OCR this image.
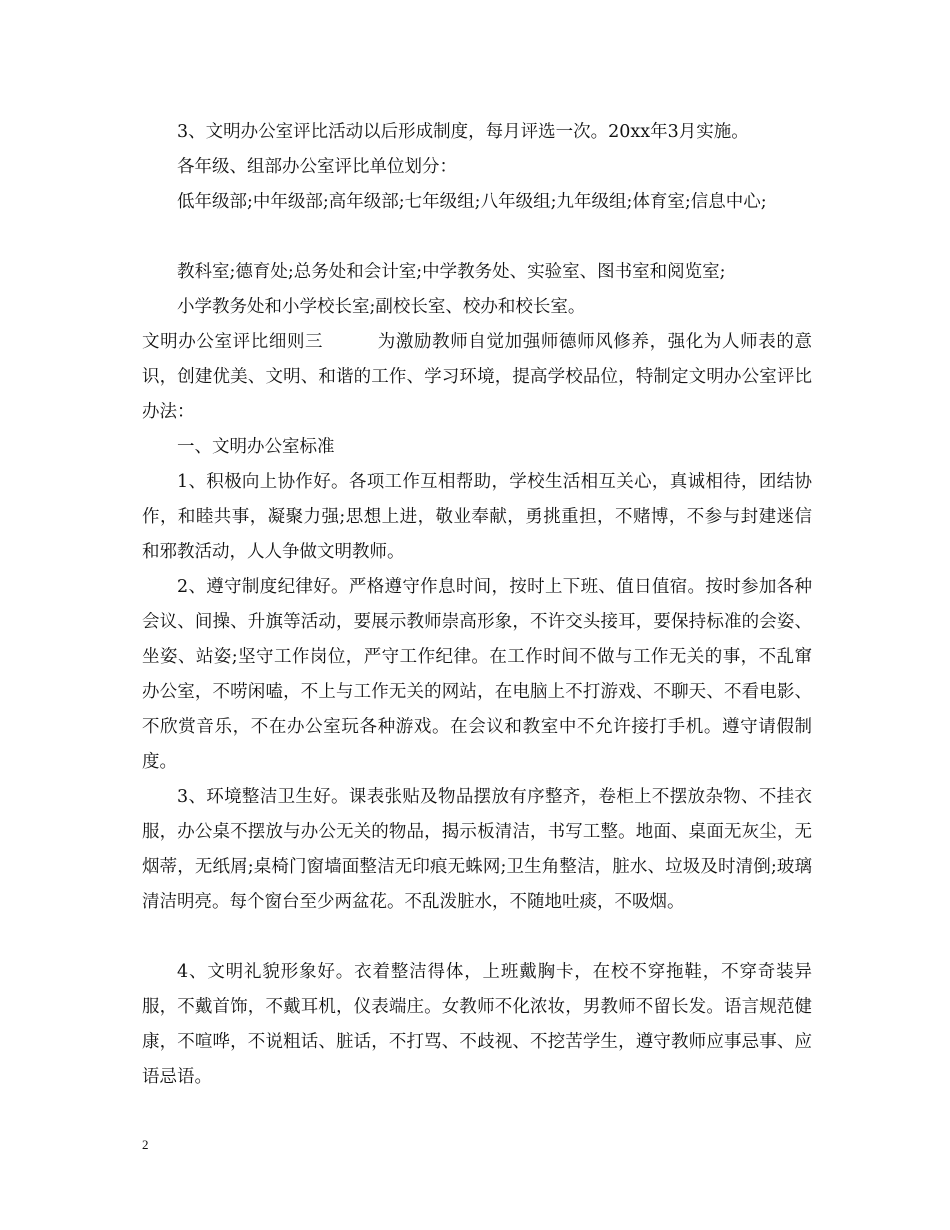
3、文明办公室评比活动以后形成制度，每月评选一次。20xx年3月实施。

各年级、组部办公室评比单位划分：

低年级部;中年级部;高年级部;七年级组;八年级组;九年级组;体育室;信息中心;

教科室;德育处;总务处和会计室;中学教务处、实验室、图书室和阅览室;

小学教务处和小学校长室;副校长室、校办和校长室。

文明办公室评比细则三	为激励教师自觉加强师德师风修养，强化为人师表的意识，创建优美、文明、和谐的工作、学习环境，提高学校品位，特制定文明办公室评比办法：

一、文明办公室标准

1、积极向上协作好。各项工作互相帮助，学校生活相互关心，真诚相待，团结协作，和睦共事，凝聚力强;思想上进，敬业奉献，勇挑重担，不赌博，不参与封建迷信和邪教活动，人人争做文明教师。

2、遵守制度纪律好。严格遵守作息时间，按时上下班、值日值宿。按时参加各种会议、间操、升旗等活动，要展示教师崇高形象，不许交头接耳，要保持标准的会姿、坐姿、站姿;坚守工作岗位，严守工作纪律。在工作时间不做与工作无关的事，不乱窜办公室，不唠闲嗑，不上与工作无关的网站，在电脑上不打游戏、不聊天、不看电影、不欣赏音乐，不在办公室玩各种游戏。在会议和教室中不允许接打手机。遵守请假制度。

3、环境整洁卫生好。课表张贴及物品摆放有序整齐，卷柜上不摆放杂物、不挂衣服，办公桌不摆放与办公无关的物品，揭示板清洁，书写工整。地面、桌面无灰尘，无烟蒂，无纸屑;桌椅门窗墙面整洁无印痕无蛛网;卫生角整洁，脏水、垃圾及时清倒;玻璃清洁明亮。每个窗台至少两盆花。不乱泼脏水，不随地吐痰，不吸烟。

4、文明礼貌形象好。衣着整洁得体，上班戴胸卡，在校不穿拖鞋，不穿奇装异服，不戴首饰，不戴耳机，仪表端庄。女教师不化浓妆，男教师不留长发。语言规范健康，不喧哗，不说粗话、脏话，不打骂、不歧视、不挖苦学生，遵守教师应事忌事、应语忌语。

2
